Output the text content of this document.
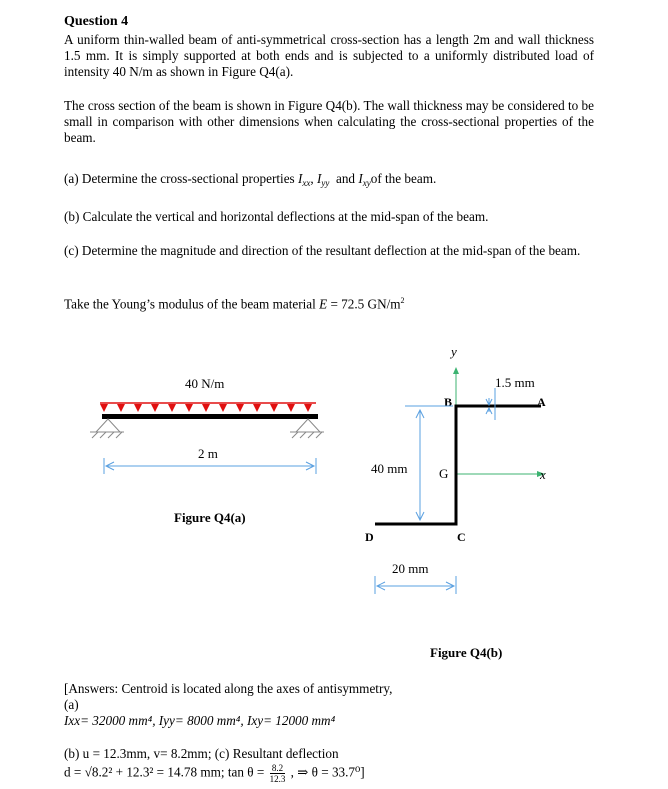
Question 4
A uniform thin-walled beam of anti-symmetrical cross-section has a length 2m and wall thickness 1.5 mm. It is simply supported at both ends and is subjected to a uniformly distributed load of intensity 40 N/m as shown in Figure Q4(a).
The cross section of the beam is shown in Figure Q4(b). The wall thickness may be considered to be small in comparison with other dimensions when calculating the cross-sectional properties of the beam.
(a) Determine the cross-sectional properties $I_{xx}$, $I_{yy}$ and $I_{xy}of$ the beam.
(b) Calculate the vertical and horizontal deflections at the mid-span of the beam.
(c) Determine the magnitude and direction of the resultant deflection at the mid-span of the beam.
Take the Young’s modulus of the beam material E = 72.5 $GN/m^2$
40 N/m
2 m
Figure Q4(a)
y
x
B	A
C
D
G
1.5 mm
40 mm
20 mm
Figure Q4(b)
[Answers: Centroid is located along the axes of antisymmetry,
(a)
Ixx= 32000 mm⁴, Iyy= 8000 mm⁴, Ixy= 12000 mm⁴
(b) u = 12.3mm, v= 8.2mm; (c) Resultant deflection
d = √8.2² + 12.3² = 14.78 mm; $\tan \theta = \frac{8.2}{12.3}$ , ⇒ θ = 33.7⁰]
